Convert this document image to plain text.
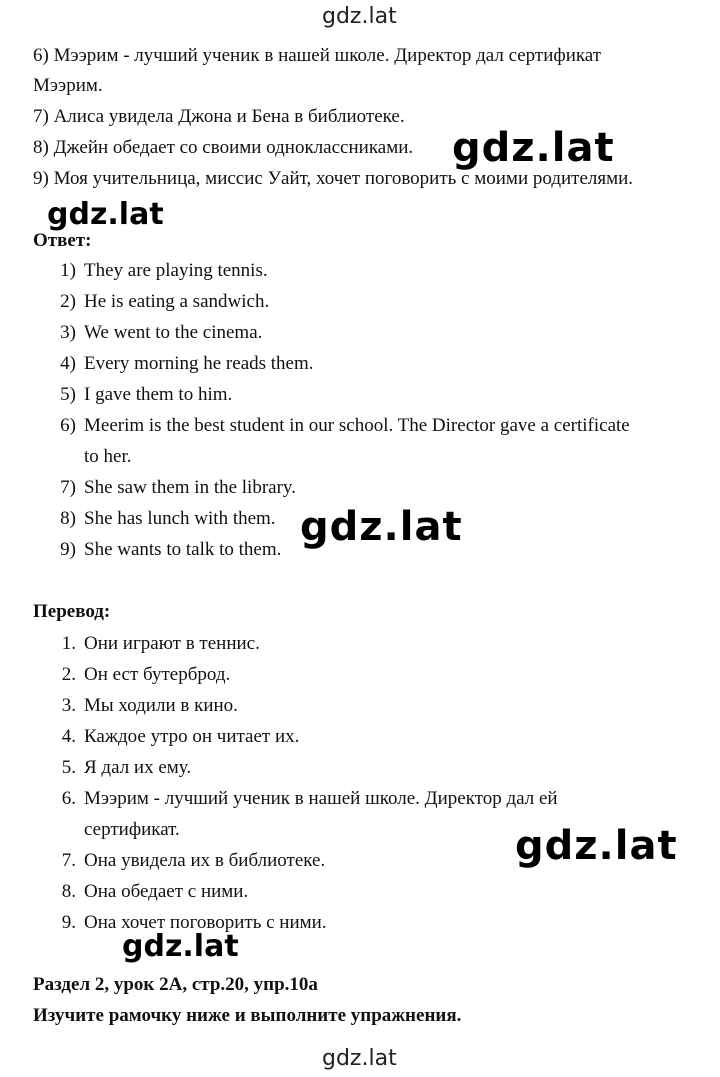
gdz.lat
6) Мээрим - лучший ученик в нашей школе. Директор дал сертификат
Мээрим.
7) Алиса увидела Джона и Бена в библиотеке.
8) Джейн обедает со своими одноклассниками.
9) Моя учительница, миссис Уайт, хочет поговорить с моими родителями.
gdz.lat
gdz.lat
Ответ:
1) They are playing tennis.
2) He is eating a sandwich.
3) We went to the cinema.
4) Every morning he reads them.
5) I gave them to him.
6) Meerim is the best student in our school. The Director gave a certificate
to her.
7) She saw them in the library.
8) She has lunch with them.
9) She wants to talk to them. gdz.lat
Перевод:
1. Они играют в теннис.
2. Он ест бутерброд.
3. Мы ходили в кино.
4. Каждое утро он читает их.
5. Я дал их ему.
6. Мээрим - лучший ученик в нашей школе. Директор дал ей
сертификат.
7. Она увидела их в библиотеке.
8. Она обедает с ними.
9. Она хочет поговорить с ними.
gdz.lat
gdz.lat
Раздел 2, урок 2А, стр.20, упр.10a
Изучите рамочку ниже и выполните упражнения.
gdz.lat
